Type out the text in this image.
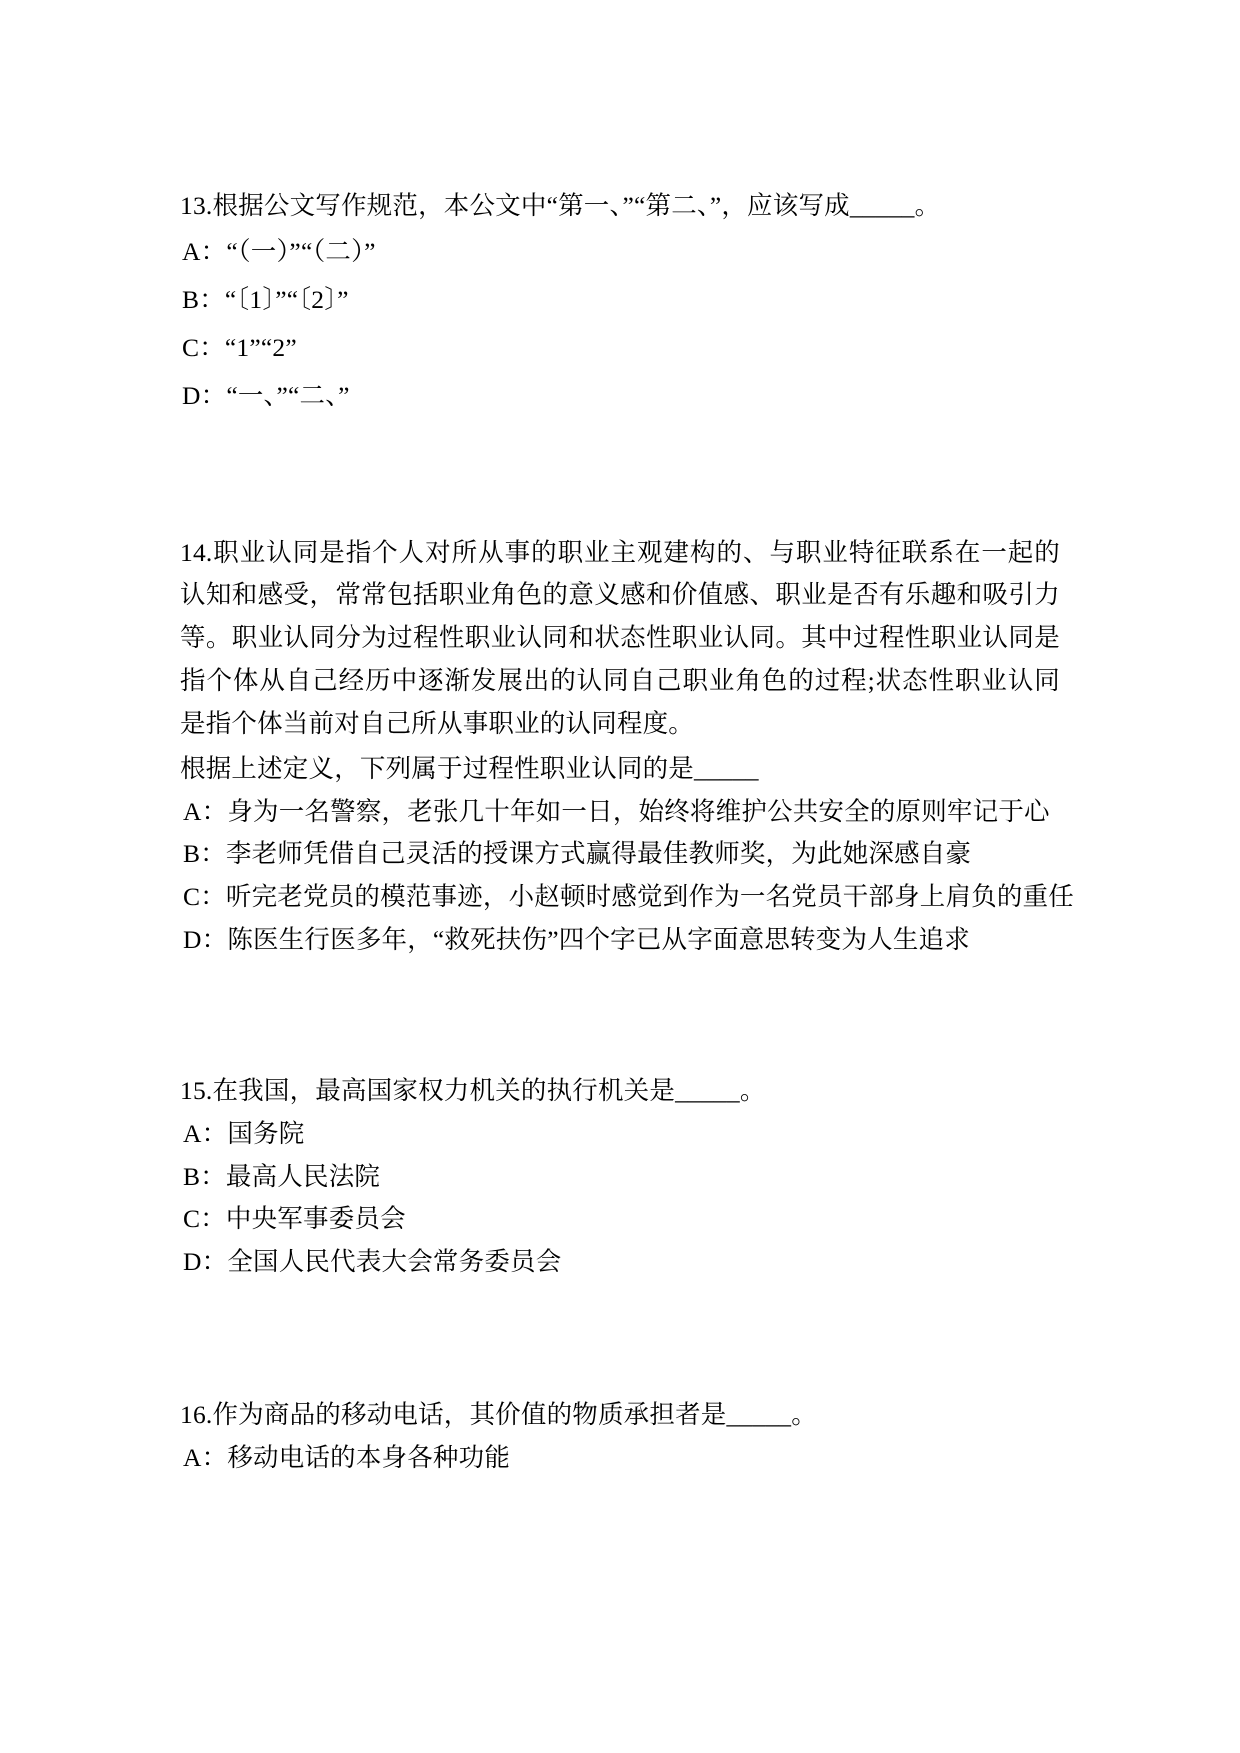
13.根据公文写作规范，本公文中“第一、”“第二、”，应该写成_____。

A：“（一）”“（二）”

B：“〔1〕”“〔2〕”

C：“1”“2”

D：“一、”“二、”

14.职业认同是指个人对所从事的职业主观建构的、与职业特征联系在一起的认知和感受，常常包括职业角色的意义感和价值感、职业是否有乐趣和吸引力等。职业认同分为过程性职业认同和状态性职业认同。其中过程性职业认同是指个体从自己经历中逐渐发展出的认同自己职业角色的过程;状态性职业认同是指个体当前对自己所从事职业的认同程度。

根据上述定义，下列属于过程性职业认同的是_____

A：身为一名警察，老张几十年如一日，始终将维护公共安全的原则牢记于心

B：李老师凭借自己灵活的授课方式赢得最佳教师奖，为此她深感自豪

C：听完老党员的模范事迹，小赵顿时感觉到作为一名党员干部身上肩负的重任

D：陈医生行医多年，“救死扶伤”四个字已从字面意思转变为人生追求

15.在我国，最高国家权力机关的执行机关是_____。

A：国务院

B：最高人民法院

C：中央军事委员会

D：全国人民代表大会常务委员会

16.作为商品的移动电话，其价值的物质承担者是_____。

A：移动电话的本身各种功能
